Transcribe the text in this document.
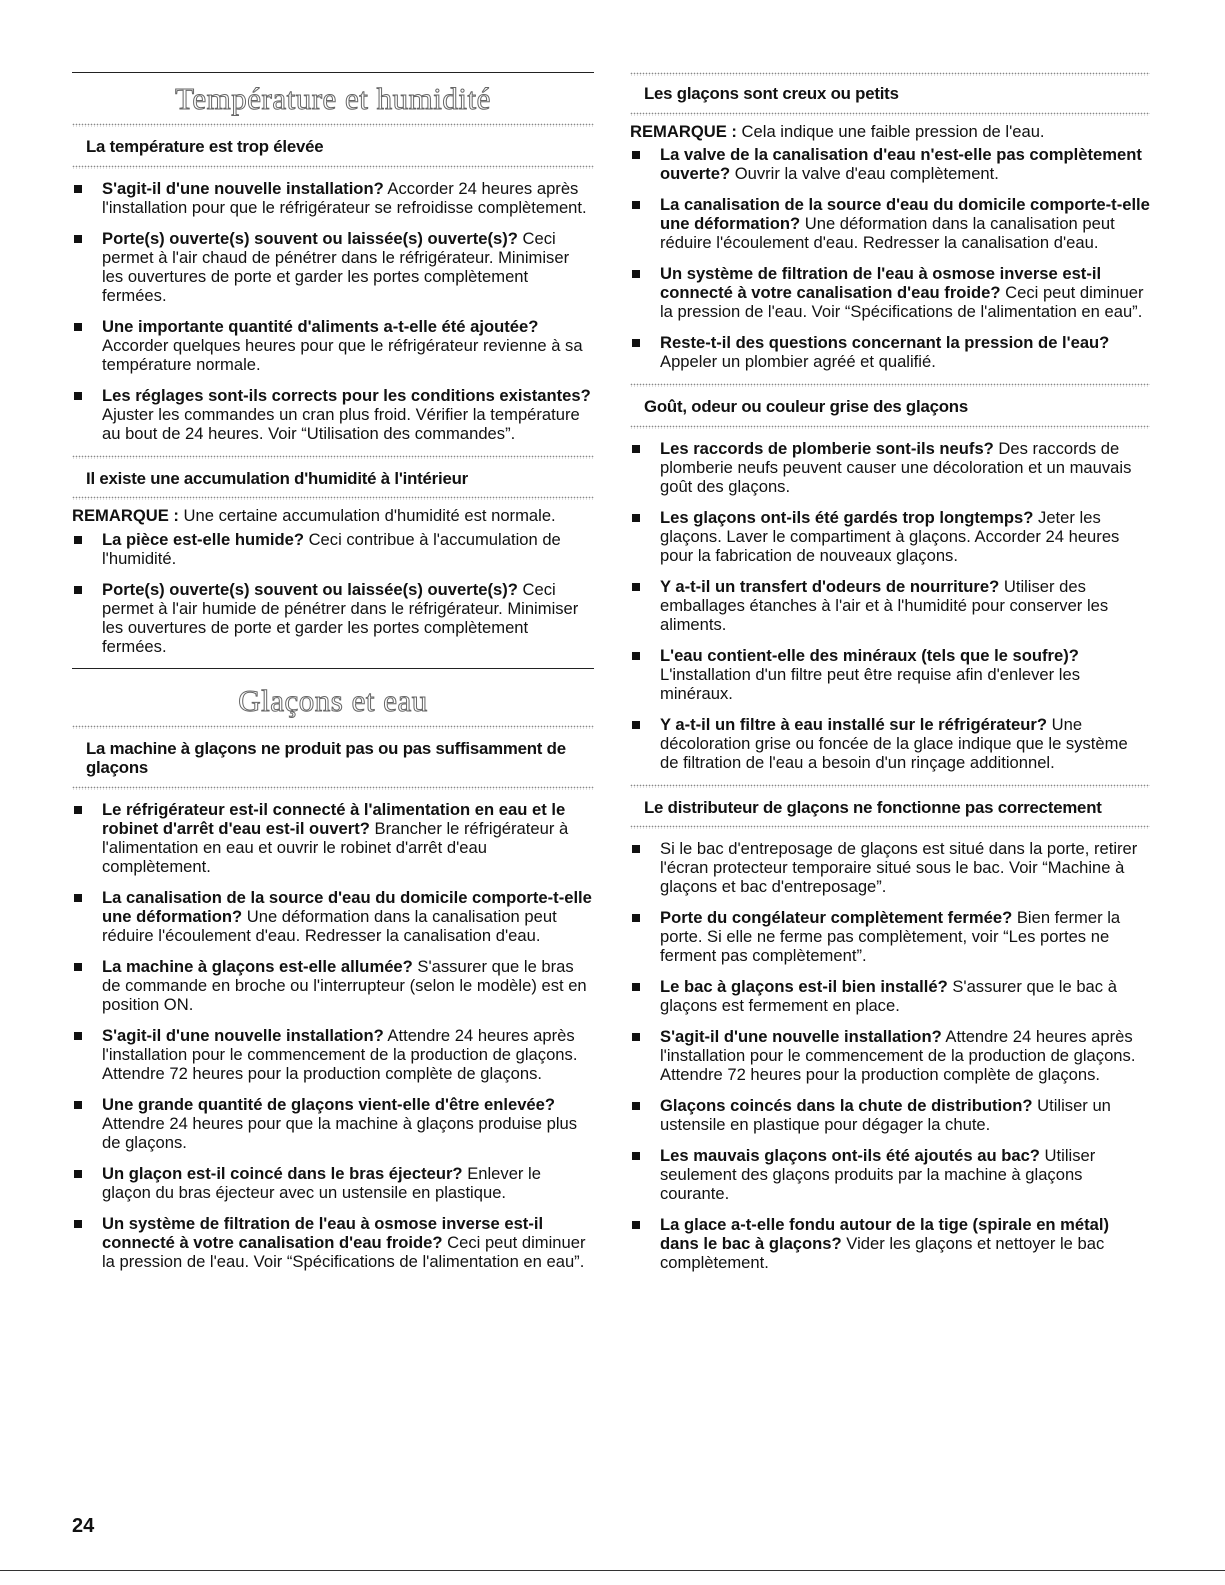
Température et humidité
La température est trop élevée
S'agit-il d'une nouvelle installation? Accorder 24 heures après l'installation pour que le réfrigérateur se refroidisse complètement.
Porte(s) ouverte(s) souvent ou laissée(s) ouverte(s)? Ceci permet à l'air chaud de pénétrer dans le réfrigérateur. Minimiser les ouvertures de porte et garder les portes complètement fermées.
Une importante quantité d'aliments a-t-elle été ajoutée? Accorder quelques heures pour que le réfrigérateur revienne à sa température normale.
Les réglages sont-ils corrects pour les conditions existantes? Ajuster les commandes un cran plus froid. Vérifier la température au bout de 24 heures. Voir “Utilisation des commandes”.
Il existe une accumulation d'humidité à l'intérieur
REMARQUE : Une certaine accumulation d'humidité est normale.
La pièce est-elle humide? Ceci contribue à l'accumulation de l'humidité.
Porte(s) ouverte(s) souvent ou laissée(s) ouverte(s)? Ceci permet à l'air humide de pénétrer dans le réfrigérateur. Minimiser les ouvertures de porte et garder les portes complètement fermées.
Glaçons et eau
La machine à glaçons ne produit pas ou pas suffisamment de glaçons
Le réfrigérateur est-il connecté à l'alimentation en eau et le robinet d'arrêt d'eau est-il ouvert? Brancher le réfrigérateur à l'alimentation en eau et ouvrir le robinet d'arrêt d'eau complètement.
La canalisation de la source d'eau du domicile comporte-t-elle une déformation? Une déformation dans la canalisation peut réduire l'écoulement d'eau. Redresser la canalisation d'eau.
La machine à glaçons est-elle allumée? S'assurer que le bras de commande en broche ou l'interrupteur (selon le modèle) est en position ON.
S'agit-il d'une nouvelle installation? Attendre 24 heures après l'installation pour le commencement de la production de glaçons. Attendre 72 heures pour la production complète de glaçons.
Une grande quantité de glaçons vient-elle d'être enlevée? Attendre 24 heures pour que la machine à glaçons produise plus de glaçons.
Un glaçon est-il coincé dans le bras éjecteur? Enlever le glaçon du bras éjecteur avec un ustensile en plastique.
Un système de filtration de l'eau à osmose inverse est-il connecté à votre canalisation d'eau froide? Ceci peut diminuer la pression de l'eau. Voir “Spécifications de l'alimentation en eau”.
Les glaçons sont creux ou petits
REMARQUE : Cela indique une faible pression de l'eau.
La valve de la canalisation d'eau n'est-elle pas complètement ouverte? Ouvrir la valve d'eau complètement.
La canalisation de la source d'eau du domicile comporte-t-elle une déformation? Une déformation dans la canalisation peut réduire l'écoulement d'eau. Redresser la canalisation d'eau.
Un système de filtration de l'eau à osmose inverse est-il connecté à votre canalisation d'eau froide? Ceci peut diminuer la pression de l'eau. Voir “Spécifications de l'alimentation en eau”.
Reste-t-il des questions concernant la pression de l'eau? Appeler un plombier agréé et qualifié.
Goût, odeur ou couleur grise des glaçons
Les raccords de plomberie sont-ils neufs? Des raccords de plomberie neufs peuvent causer une décoloration et un mauvais goût des glaçons.
Les glaçons ont-ils été gardés trop longtemps? Jeter les glaçons. Laver le compartiment à glaçons. Accorder 24 heures pour la fabrication de nouveaux glaçons.
Y a-t-il un transfert d'odeurs de nourriture? Utiliser des emballages étanches à l'air et à l'humidité pour conserver les aliments.
L'eau contient-elle des minéraux (tels que le soufre)? L'installation d'un filtre peut être requise afin d'enlever les minéraux.
Y a-t-il un filtre à eau installé sur le réfrigérateur? Une décoloration grise ou foncée de la glace indique que le système de filtration de l'eau a besoin d'un rinçage additionnel.
Le distributeur de glaçons ne fonctionne pas correctement
Si le bac d'entreposage de glaçons est situé dans la porte, retirer l'écran protecteur temporaire situé sous le bac. Voir “Machine à glaçons et bac d'entreposage”.
Porte du congélateur complètement fermée? Bien fermer la porte. Si elle ne ferme pas complètement, voir “Les portes ne ferment pas complètement”.
Le bac à glaçons est-il bien installé? S'assurer que le bac à glaçons est fermement en place.
S'agit-il d'une nouvelle installation? Attendre 24 heures après l'installation pour le commencement de la production de glaçons. Attendre 72 heures pour la production complète de glaçons.
Glaçons coincés dans la chute de distribution? Utiliser un ustensile en plastique pour dégager la chute.
Les mauvais glaçons ont-ils été ajoutés au bac? Utiliser seulement des glaçons produits par la machine à glaçons courante.
La glace a-t-elle fondu autour de la tige (spirale en métal) dans le bac à glaçons? Vider les glaçons et nettoyer le bac complètement.
24
